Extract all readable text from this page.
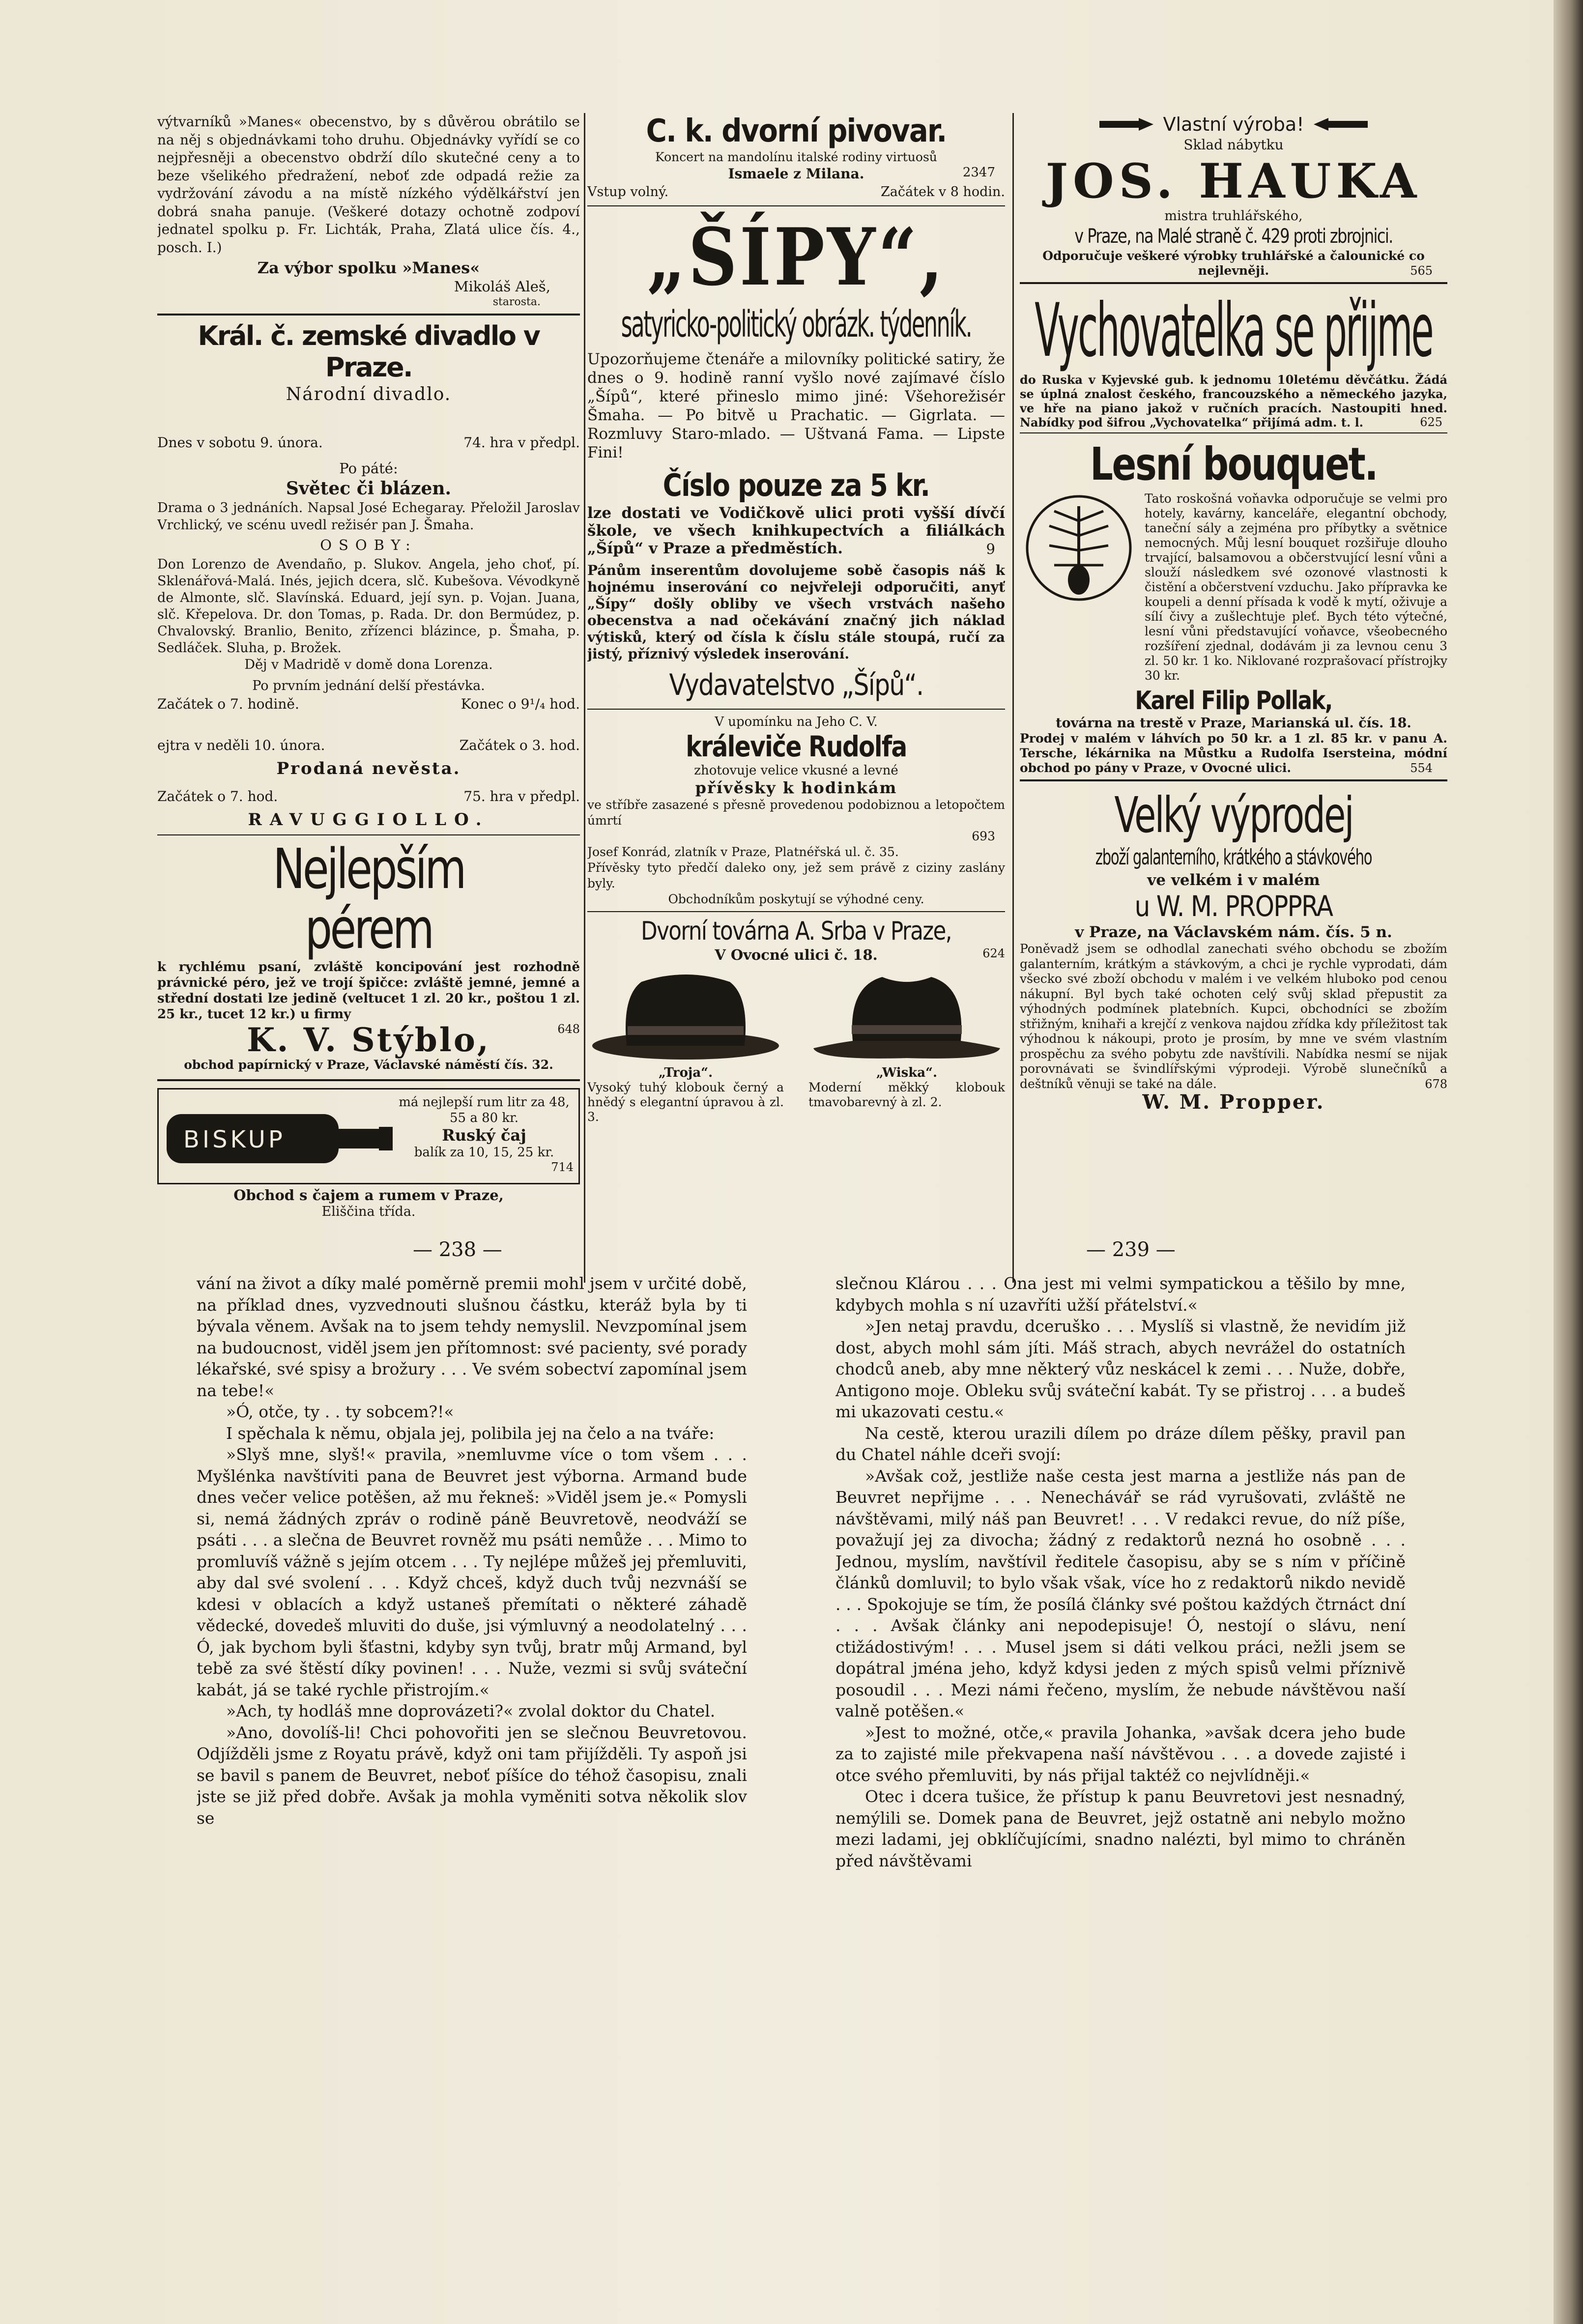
výtvarníků »Manes« obecenstvo, by s důvěrou obrátilo se na něj s objednávkami toho druhu. Objednávky vyřídí se co nejpřesněji a obecenstvo obdrží dílo skutečné ceny a to beze všelikého předražení, neboť zde odpadá režie za vydržování závodu a na místě nízkého výdělkářství jen dobrá snaha panuje. (Veškeré dotazy ochotně zodpoví jednatel spolku p. Fr. Lichták, Praha, Zlatá ulice čís. 4., posch. I.)

Za výbor spolku »Manes«

Mikoláš Aleš,

starosta.

Král. č. zemské divadlo v Praze.

Národní divadlo.

Dnes v sobotu 9. února.	74. hra v předpl.

Po páté:

Světec či blázen.

Drama o 3 jednáních. Napsal José Echegaray. Přeložil Jaroslav Vrchlický, ve scénu uvedl režisér pan J. Šmaha.

OSOBY:

Don Lorenzo de Avendaño, p. Slukov. Angela, jeho choť, pí. Sklenářová-Malá. Inés, jejich dcera, slč. Kubešova. Vévodkyně de Almonte, slč. Slavínská. Eduard, její syn. p. Vojan. Juana, slč. Křepelova. Dr. don Tomas, p. Rada. Dr. don Bermúdez, p. Chvalovský. Branlio, Benito, zřízenci blázince, p. Šmaha, p. Sedláček. Sluha, p. Brožek.

Děj v Madridě v domě dona Lorenza.

Po prvním jednání delší přestávka.

Začátek o 7. hodině.	Konec o 9¹/₄ hod.
ejtra v neděli 10. února.	Začátek o 3. hod.

Prodaná nevěsta.

Začátek o 7. hod.	75. hra v předpl.

RAVUGGIOLLO.

Nejlepším pérem

k rychlému psaní, zvláště koncipování jest rozhodně právnické péro, jež ve trojí špičce: zvláště jemné, jemné a střední dostati lze jedině (veltucet 1 zl. 20 kr., poštou 1 zl. 25 kr., tucet 12 kr.) u firmy

K. V. Stýblo,	648

obchod papírnický v Praze, Václavské náměstí čís. 32.

BISKUP

má nejlepší rum litr za 48, 55 a 80 kr.

Ruský čaj

balík za 10, 15, 25 kr.

714

Obchod s čajem a rumem v Praze,

Eliščina třída.

C. k. dvorní pivovar.

Koncert na mandolínu italské rodiny virtuosů

Ismaele z Milana.	2347
Vstup volný.	Začátek v 8 hodin.

„ŠÍPY“,

satyricko-politický obrázk. týdenník.

Upozorňujeme čtenáře a milovníky politické satiry, že dnes o 9. hodině ranní vyšlo nové zajímavé číslo „Šípů“, které přineslo mimo jiné: Všehorežisér Šmaha. — Po bitvě u Prachatic. — Gigrlata. — Rozmluvy Staro-mlado. — Uštvaná Fama. — Lipste Fini!

Číslo pouze za 5 kr.

lze dostati ve Vodičkově ulici proti vyšší dívčí škole, ve všech knihkupectvích a filiálkách „Šípů“ v Praze a předměstích.	9

Pánům inserentům dovolujeme sobě časopis náš k hojnému inserování co nejvřeleji odporučiti, anyť „Šípy“ došly obliby ve všech vrstvách našeho obecenstva a nad očekávání značný jich náklad výtisků, který od čísla k číslu stále stoupá, ručí za jistý, příznivý výsledek inserování.

Vydavatelstvo „Šípů“.

V upomínku na Jeho C. V.

králeviče Rudolfa

zhotovuje velice vkusné a levné

přívěsky k hodinkám

ve stříbře zasazené s přesně provedenou podobiznou a letopočtem úmrtí

693

Josef Konrád, zlatník v Praze, Platnéřská ul. č. 35.

Přívěsky tyto předčí daleko ony, jež sem právě z ciziny zaslány byly.

Obchodníkům poskytují se výhodné ceny.

Dvorní továrna A. Srba v Praze,

V Ovocné ulici č. 18.	624

„Troja“.

Vysoký tuhý klobouk černý a hnědý s elegantní úpravou à zl. 3.

„Wiska“.

Moderní měkký klobouk tmavobarevný à zl. 2.

Vlastní výroba!

Sklad nábytku

JOS. HAUKA

mistra truhlářského,

v Praze, na Malé straně č. 429 proti zbrojnici.

Odporučuje veškeré výrobky truhlářské a čalounické co nejlevněji.	565

Vychovatelka se přijme

do Ruska v Kyjevské gub. k jednomu 10letému děvčátku. Žádá se úplná znalost českého, francouzského a německého jazyka, ve hře na piano jakož v ručních pracích. Nastoupiti hned. Nabídky pod šifrou „Vychovatelka“ přijímá adm. t. l.	625

Lesní bouquet.

Tato roskošná voňavka odporučuje se velmi pro hotely, kavárny, kanceláře, elegantní obchody, taneční sály a zejména pro příbytky a světnice nemocných. Můj lesní bouquet rozšiřuje dlouho trvající, balsamovou a občerstvující lesní vůni a slouží následkem své ozonové vlastnosti k čistění a občerstvení vzduchu. Jako přípravka ke koupeli a denní přísada k vodě k mytí, oživuje a sílí čivy a zušlechtuje pleť. Bych této výtečné, lesní vůni představující voňavce, všeobecného rozšíření zjednal, dodávám ji za levnou cenu 3 zl. 50 kr. 1 ko. Niklované rozprašovací přístrojky 30 kr.

Karel Filip Pollak,

továrna na trestě v Praze, Marianská ul. čís. 18.

Prodej v malém v láhvích po 50 kr. a 1 zl. 85 kr. v panu A. Tersche, lékárnika na Můstku a Rudolfa Isersteina, módní obchod po pány v Praze, v Ovocné ulici.	554

Velký výprodej

zboží galanterního, krátkého a stávkového

ve velkém i v malém

u W. M. PROPPRA

v Praze, na Václavském nám. čís. 5 n.

Poněvadž jsem se odhodlal zanechati svého obchodu se zbožím galanterním, krátkým a stávkovým, a chci je rychle vyprodati, dám všecko své zboží obchodu v malém i ve velkém hluboko pod cenou nákupní. Byl bych také ochoten celý svůj sklad přepustit za výhodných podmínek platebních. Kupci, obchodníci se zbožím střižným, knihaři a krejčí z venkova najdou zřídka kdy příležitost tak výhodnou k nákoupi, proto je prosím, by mne ve svém vlastním prospěchu za svého pobytu zde navštívili. Nabídka nesmí se nijak porovnávati se švindlířskými výprodeji. Výrobě slunečníků a deštníků věnuji se také na dále.	678

W. M. Propper.

— 238 —	— 239 —

vání na život a díky malé poměrně premii mohl jsem v určité době, na příklad dnes, vyzvednouti slušnou částku, kteráž byla by ti bývala věnem. Avšak na to jsem tehdy nemyslil. Nevzpomínal jsem na budoucnost, viděl jsem jen přítomnost: své pacienty, své porady lékařské, své spisy a brožury . . . Ve svém sobectví zapomínal jsem na tebe!«

»Ó, otče, ty . . ty sobcem?!«

I spěchala k němu, objala jej, polibila jej na čelo a na tváře:

»Slyš mne, slyš!« pravila, »nemluvme více o tom všem . . . Myšlénka navštíviti pana de Beuvret jest výborna. Armand bude dnes večer velice potěšen, až mu řekneš: »Viděl jsem je.« Pomysli si, nemá žádných zpráv o rodině páně Beuvretově, neodváží se psáti . . . a slečna de Beuvret rovněž mu psáti nemůže . . . Mimo to promluvíš vážně s jejím otcem . . . Ty nejlépe můžeš jej přemluviti, aby dal své svolení . . . Když chceš, když duch tvůj nezvnáší se kdesi v oblacích a když ustaneš přemítati o některé záhadě vědecké, dovedeš mluviti do duše, jsi výmluvný a neodolatelný . . . Ó, jak bychom byli šťastni, kdyby syn tvůj, bratr můj Armand, byl tebě za své štěstí díky povinen! . . . Nuže, vezmi si svůj sváteční kabát, já se také rychle přistrojím.«

»Ach, ty hodláš mne doprovázeti?« zvolal doktor du Chatel.

»Ano, dovolíš-li! Chci pohovořiti jen se slečnou Beuvretovou. Odjížděli jsme z Royatu právě, když oni tam přijížděli. Ty aspoň jsi se bavil s panem de Beuvret, neboť píšíce do téhož časopisu, znali jste se již před dobře. Avšak ja mohla vyměniti sotva několik slov se

slečnou Klárou . . . Ona jest mi velmi sympatickou a těšilo by mne, kdybych mohla s ní uzavříti užší přátelství.«

»Jen netaj pravdu, dceruško . . . Myslíš si vlastně, že nevidím již dost, abych mohl sám jíti. Máš strach, abych nevrážel do ostatních chodců aneb, aby mne některý vůz neskácel k zemi . . . Nuže, dobře, Antigono moje. Obleku svůj sváteční kabát. Ty se přistroj . . . a budeš mi ukazovati cestu.«

Na cestě, kterou urazili dílem po dráze dílem pěšky, pravil pan du Chatel náhle dceři svojí:

»Avšak což, jestliže naše cesta jest marna a jestliže nás pan de Beuvret nepřijme . . . Nenechávář se rád vyrušovati, zvláště ne návštěvami, milý náš pan Beuvret! . . . V redakci revue, do níž píše, považují jej za divocha; žádný z redaktorů nezná ho osobně . . . Jednou, myslím, navštívil ředitele časopisu, aby se s ním v příčině článků domluvil; to bylo však však, více ho z redaktorů nikdo nevidě . . . Spokojuje se tím, že posílá články své poštou každých čtrnáct dní . . . Avšak články ani nepodepisuje! Ó, nestojí o slávu, není ctižádostivým! . . . Musel jsem si dáti velkou práci, nežli jsem se dopátral jména jeho, když kdysi jeden z mých spisů velmi příznivě posoudil . . . Mezi námi řečeno, myslím, že nebude návštěvou naší valně potěšen.«

»Jest to možné, otče,« pravila Johanka, »avšak dcera jeho bude za to zajisté mile překvapena naší návštěvou . . . a dovede zajisté i otce svého přemluviti, by nás přijal taktéž co nejvlídněji.«

Otec i dcera tušice, že přístup k panu Beuvretovi jest nesnadný, nemýlili se. Domek pana de Beuvret, jejž ostatně ani nebylo možno mezi ladami, jej obklíčujícími, snadno nalézti, byl mimo to chráněn před návštěvami
